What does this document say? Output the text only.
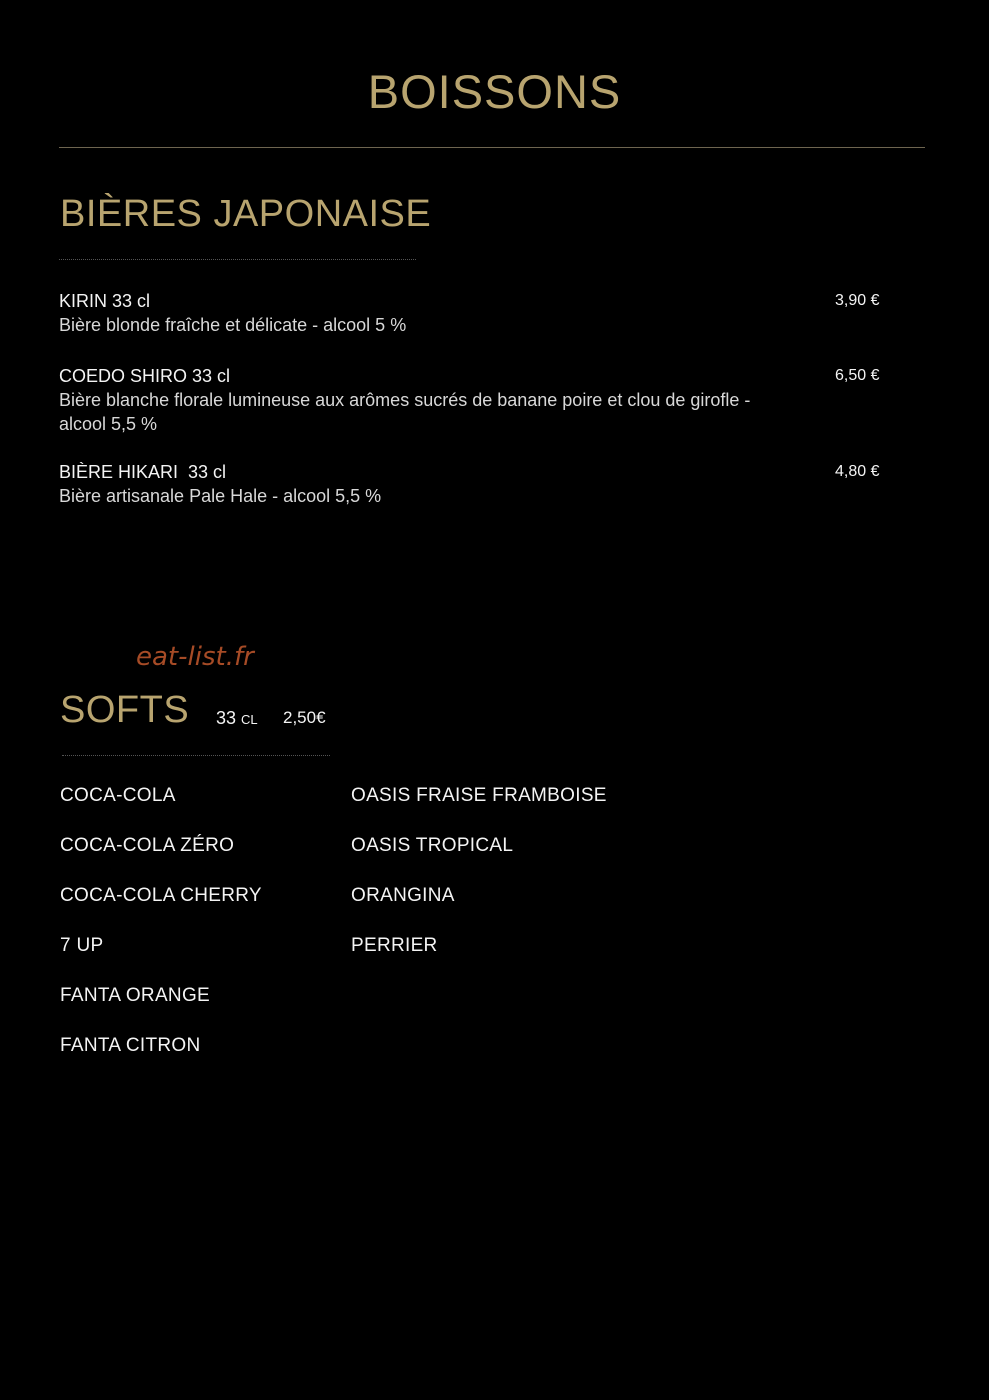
BOISSONS
BIÈRES JAPONAISE
KIRIN 33 cl
Bière blonde fraîche et délicate - alcool 5 %
3,90 €
COEDO SHIRO 33 cl
Bière blanche florale lumineuse aux arômes sucrés de banane poire et clou de girofle - alcool 5,5 %
6,50 €
BIÈRE HIKARI  33 cl
Bière artisanale Pale Hale - alcool 5,5 %
4,80 €
eat-list.fr
SOFTS 33 CL 2,50€
COCA-COLA
COCA-COLA ZÉRO
COCA-COLA CHERRY
7 UP
FANTA ORANGE
FANTA CITRON
OASIS FRAISE FRAMBOISE
OASIS TROPICAL
ORANGINA
PERRIER
